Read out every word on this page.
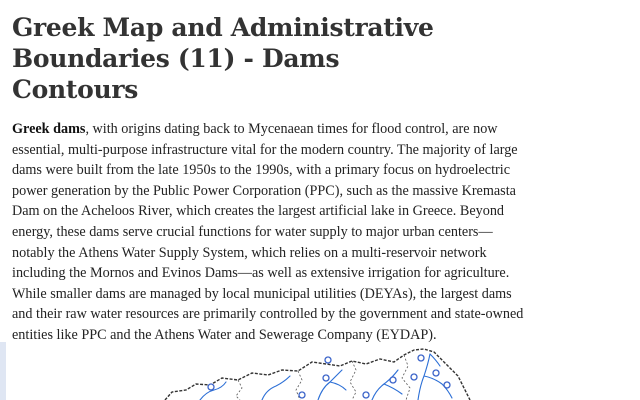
Greek Map and Administrative Boundaries (11) - Dams Contours

Greek dams, with origins dating back to Mycenaean times for flood control, are now essential, multi-purpose infrastructure vital for the modern country. The majority of large dams were built from the late 1950s to the 1990s, with a primary focus on hydroelectric power generation by the Public Power Corporation (PPC), such as the massive Kremasta Dam on the Acheloos River, which creates the largest artificial lake in Greece. Beyond energy, these dams serve crucial functions for water supply to major urban centers—notably the Athens Water Supply System, which relies on a multi-reservoir network including the Mornos and Evinos Dams—as well as extensive irrigation for agriculture. While smaller dams are managed by local municipal utilities (DEYAs), the largest dams and their raw water resources are primarily controlled by the government and state-owned entities like PPC and the Athens Water and Sewerage Company (EYDAP).
